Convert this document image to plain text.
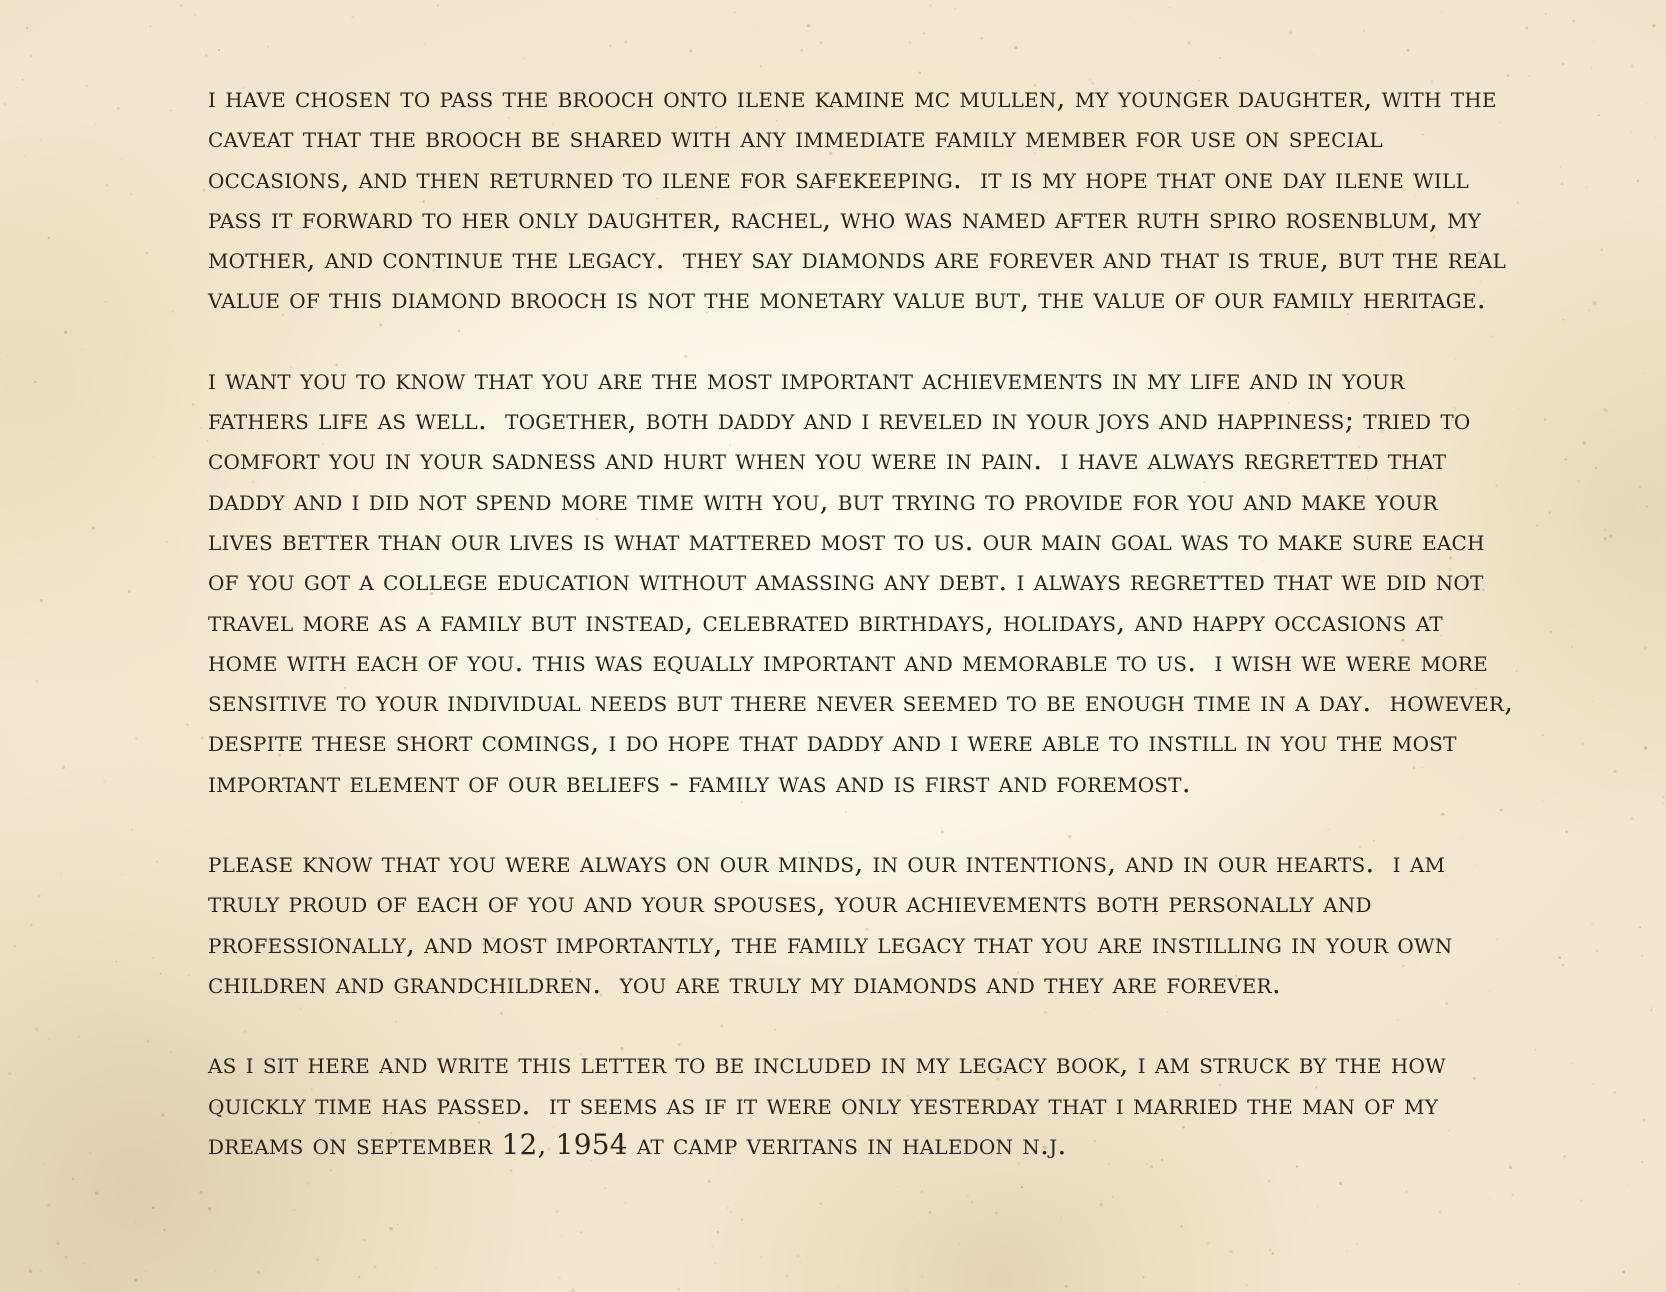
i have chosen to pass the brooch onto ilene kamine mc mullen, my younger daughter, with the
caveat that the brooch be shared with any immediate family member for use on special
occasions, and then returned to ilene for safekeeping.  it is my hope that one day ilene will
pass it forward to her only daughter, rachel, who was named after ruth spiro rosenblum, my
mother, and continue the legacy.  they say diamonds are forever and that is true, but the real
value of this diamond brooch is not the monetary value but, the value of our family heritage.
i want you to know that you are the most important achievements in my life and in your
fathers life as well.  together, both daddy and i reveled in your joys and happiness; tried to
comfort you in your sadness and hurt when you were in pain.  i have always regretted that
daddy and i did not spend more time with you, but trying to provide for you and make your
lives better than our lives is what mattered most to us. our main goal was to make sure each
of you got a college education without amassing any debt. i always regretted that we did not
travel more as a family but instead, celebrated birthdays, holidays, and happy occasions at
home with each of you. this was equally important and memorable to us.  i wish we were more
sensitive to your individual needs but there never seemed to be enough time in a day.  however,
despite these short comings, i do hope that daddy and i were able to instill in you the most
important element of our beliefs - family was and is first and foremost.
please know that you were always on our minds, in our intentions, and in our hearts.  i am
truly proud of each of you and your spouses, your achievements both personally and
professionally, and most importantly, the family legacy that you are instilling in your own
children and grandchildren.  you are truly my diamonds and they are forever.
as i sit here and write this letter to be included in my legacy book, i am struck by the how
quickly time has passed.  it seems as if it were only yesterday that i married the man of my
dreams on september 12, 1954 at camp veritans in haledon n.j.
